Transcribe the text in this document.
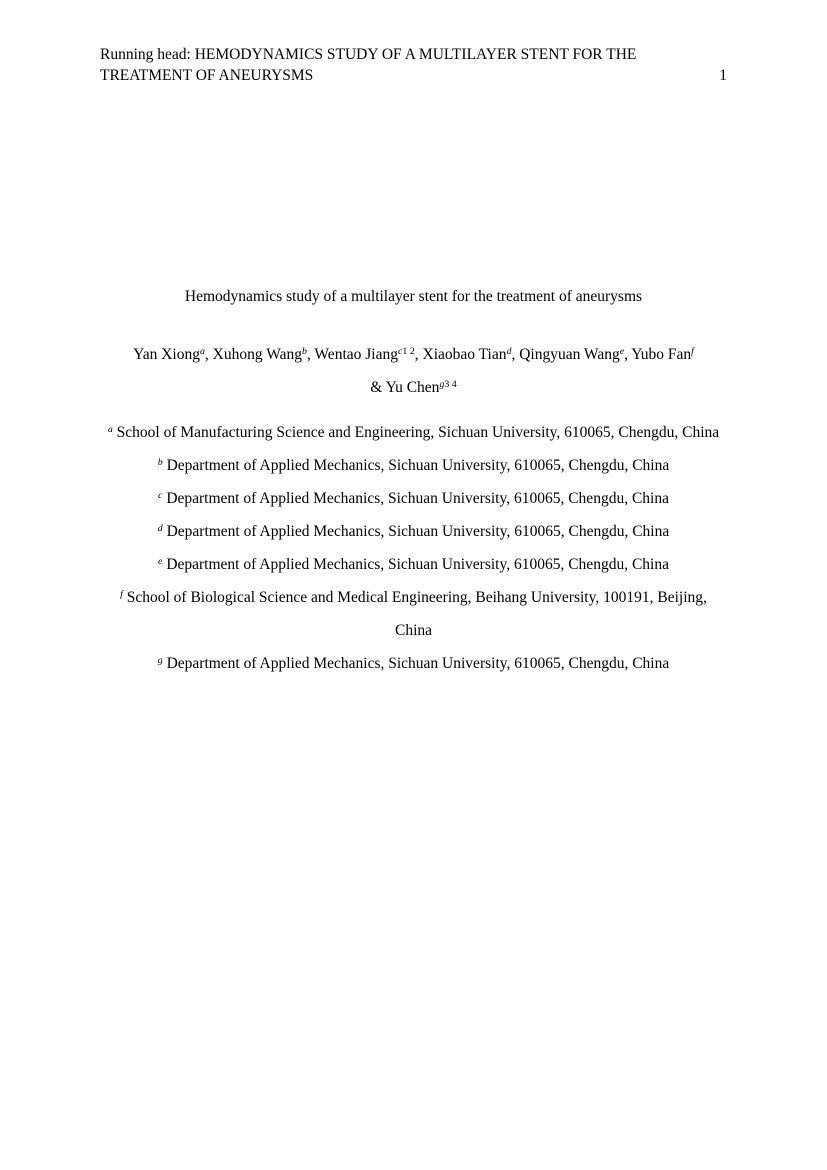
Running head: HEMODYNAMICS STUDY OF A MULTILAYER STENT FOR THE
TREATMENT OF ANEURYSMS	1
Hemodynamics study of a multilayer stent for the treatment of aneurysms
Yan Xiong$^a$, Xuhong Wang$^b$, Wentao Jiang$^{c1 2}$, Xiaobao Tian$^d$, Qingyuan Wang$^e$, Yubo Fan$^f$
& Yu Chen$^{g3 4}$
$^a$ School of Manufacturing Science and Engineering, Sichuan University, 610065, Chengdu, China
$^b$ Department of Applied Mechanics, Sichuan University, 610065, Chengdu, China
$^c$ Department of Applied Mechanics, Sichuan University, 610065, Chengdu, China
$^d$ Department of Applied Mechanics, Sichuan University, 610065, Chengdu, China
$^e$ Department of Applied Mechanics, Sichuan University, 610065, Chengdu, China
$^f$ School of Biological Science and Medical Engineering, Beihang University, 100191, Beijing, China
$^g$ Department of Applied Mechanics, Sichuan University, 610065, Chengdu, China
